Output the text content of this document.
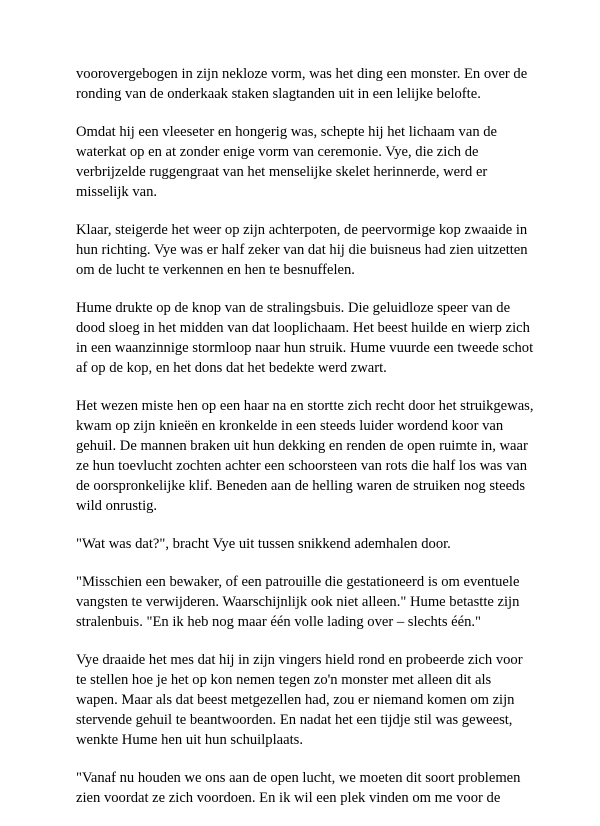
voorovergebogen in zijn nekloze vorm, was het ding een monster. En over de ronding van de onderkaak staken slagtanden uit in een lelijke belofte.

Omdat hij een vleeseter en hongerig was, schepte hij het lichaam van de waterkat op en at zonder enige vorm van ceremonie. Vye, die zich de verbrijzelde ruggengraat van het menselijke skelet herinnerde, werd er misselijk van.

Klaar, steigerde het weer op zijn achterpoten, de peervormige kop zwaaide in hun richting. Vye was er half zeker van dat hij die buisneus had zien uitzetten om de lucht te verkennen en hen te besnuffelen.

Hume drukte op de knop van de stralingsbuis. Die geluidloze speer van de dood sloeg in het midden van dat looplichaam. Het beest huilde en wierp zich in een waanzinnige stormloop naar hun struik. Hume vuurde een tweede schot af op de kop, en het dons dat het bedekte werd zwart.

Het wezen miste hen op een haar na en stortte zich recht door het struikgewas, kwam op zijn knieën en kronkelde in een steeds luider wordend koor van gehuil. De mannen braken uit hun dekking en renden de open ruimte in, waar ze hun toevlucht zochten achter een schoorsteen van rots die half los was van de oorspronkelijke klif. Beneden aan de helling waren de struiken nog steeds wild onrustig.

"Wat was dat?", bracht Vye uit tussen snikkend ademhalen door.

"Misschien een bewaker, of een patrouille die gestationeerd is om eventuele vangsten te verwijderen. Waarschijnlijk ook niet alleen." Hume betastte zijn stralenbuis. "En ik heb nog maar één volle lading over – slechts één."

Vye draaide het mes dat hij in zijn vingers hield rond en probeerde zich voor te stellen hoe je het op kon nemen tegen zo'n monster met alleen dit als wapen. Maar als dat beest metgezellen had, zou er niemand komen om zijn stervende gehuil te beantwoorden. En nadat het een tijdje stil was geweest, wenkte Hume hen uit hun schuilplaats.

"Vanaf nu houden we ons aan de open lucht, we moeten dit soort problemen zien voordat ze zich voordoen. En ik wil een plek vinden om me voor de
